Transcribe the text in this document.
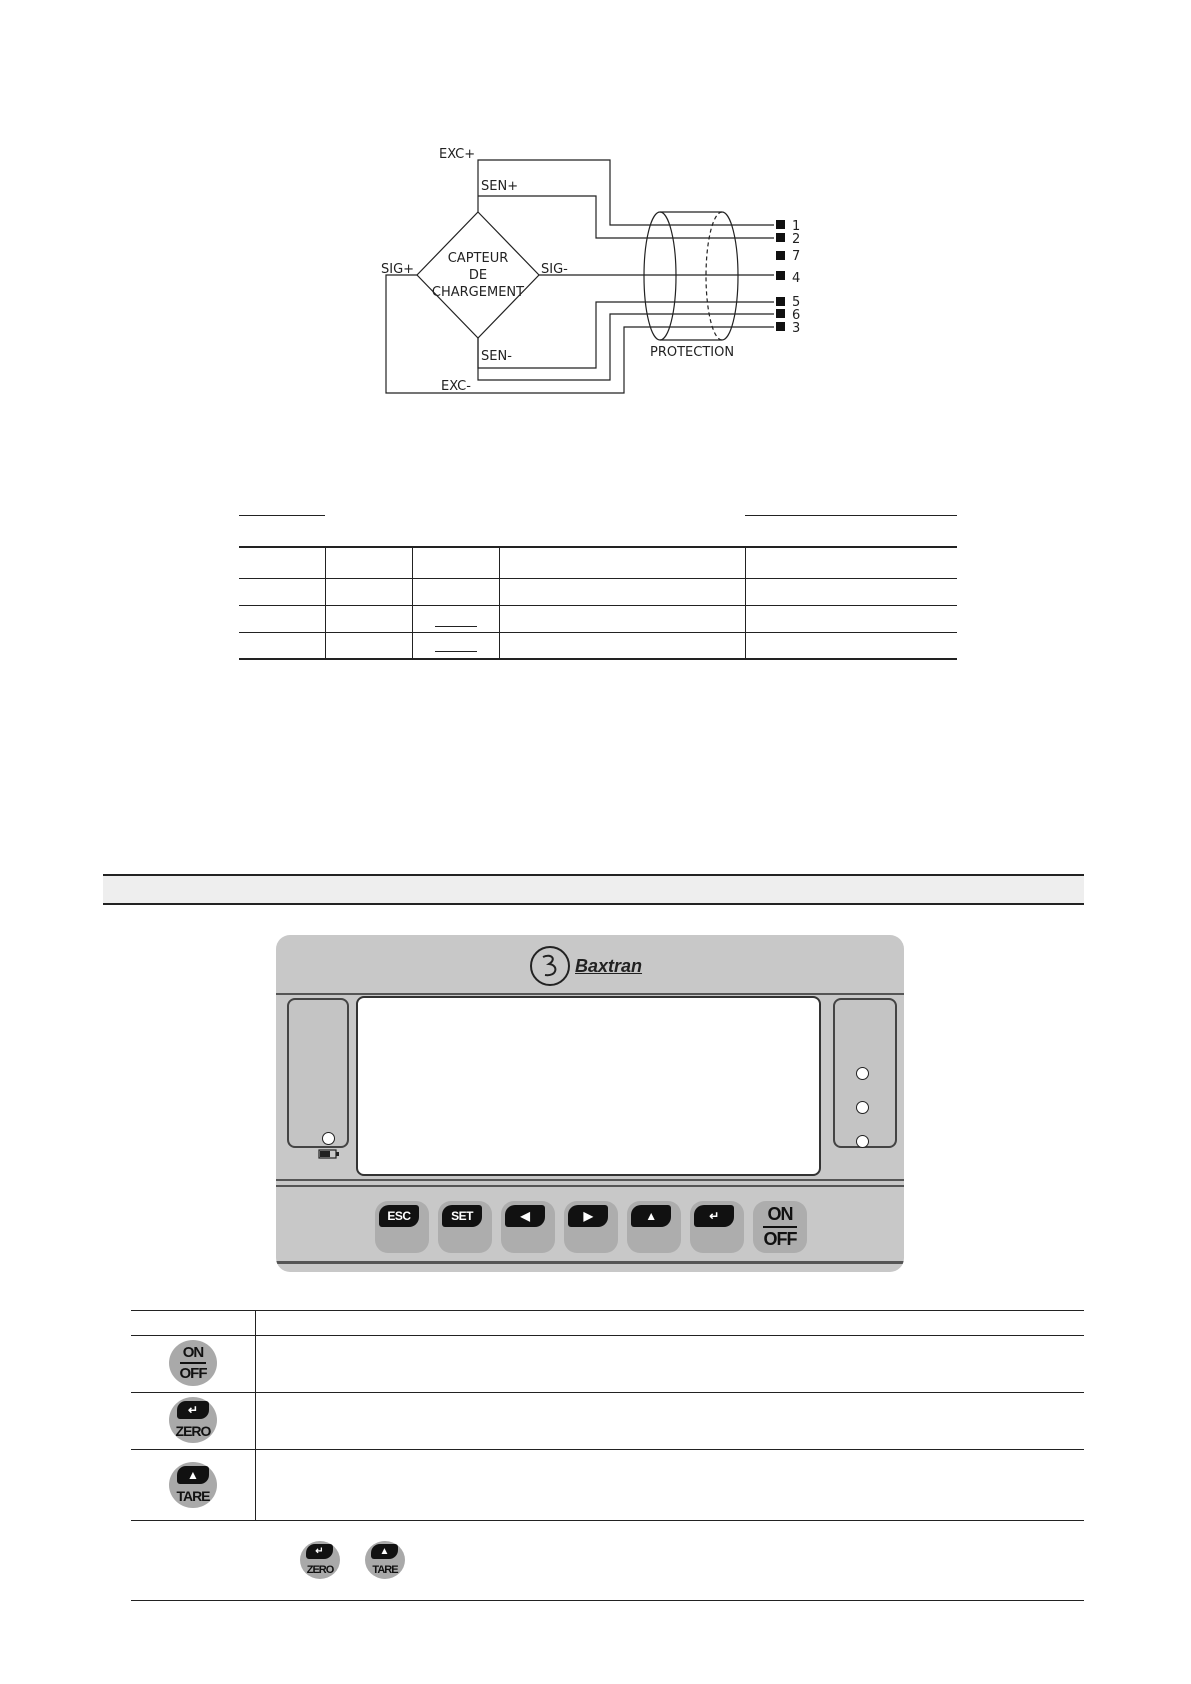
EXC+
SEN+
SIG+	SIG-
SEN-
EXC-
CAPTEUR
DE
CHARGEMENT
PROTECTION
1
2
7
4
5
6
3
Baxtran
ESC	SET	◀	▶	▲	↵	ON
OFF
ON
OFF
↵
ZERO
▲
TARE
↵
ZERO
▲
TARE
